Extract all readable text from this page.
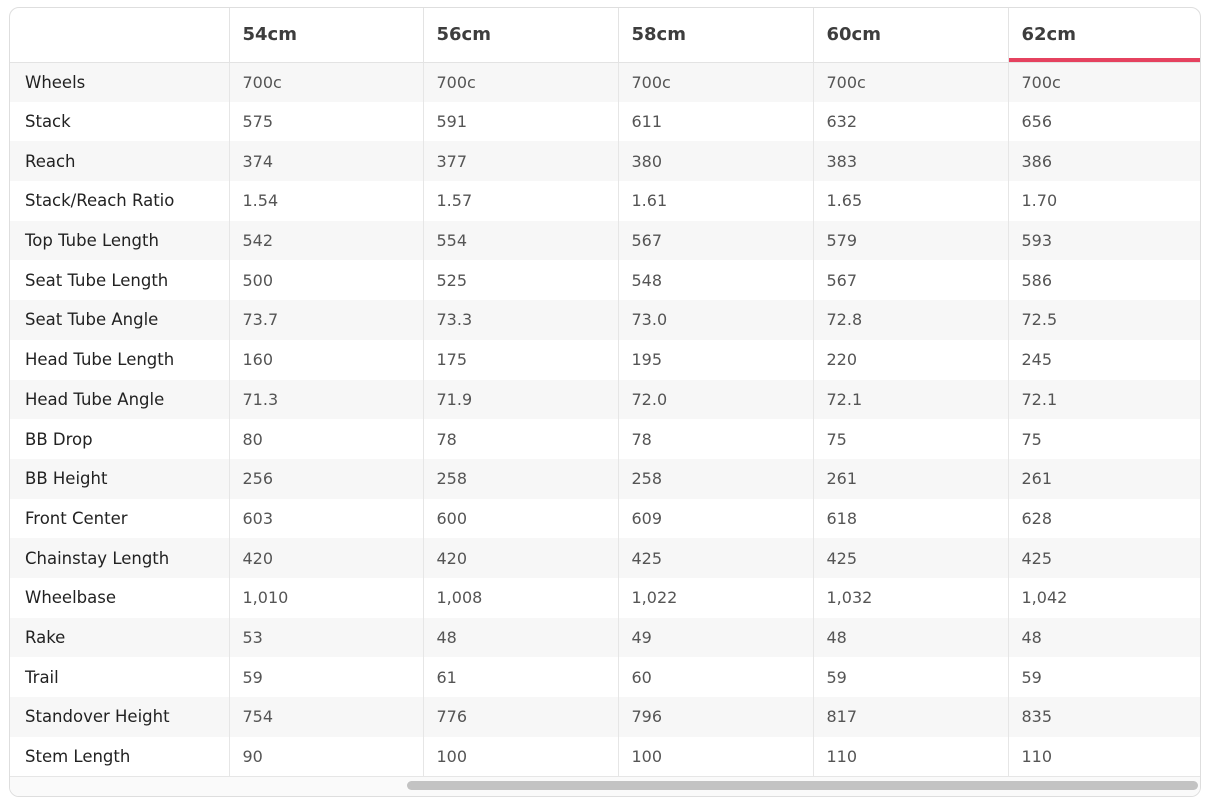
	54cm	56cm	58cm	60cm	62cm
Wheels	700c	700c	700c	700c	700c
Stack	575	591	611	632	656
Reach	374	377	380	383	386
Stack/Reach Ratio	1.54	1.57	1.61	1.65	1.70
Top Tube Length	542	554	567	579	593
Seat Tube Length	500	525	548	567	586
Seat Tube Angle	73.7	73.3	73.0	72.8	72.5
Head Tube Length	160	175	195	220	245
Head Tube Angle	71.3	71.9	72.0	72.1	72.1
BB Drop	80	78	78	75	75
BB Height	256	258	258	261	261
Front Center	603	600	609	618	628
Chainstay Length	420	420	425	425	425
Wheelbase	1,010	1,008	1,022	1,032	1,042
Rake	53	48	49	48	48
Trail	59	61	60	59	59
Standover Height	754	776	796	817	835
Stem Length	90	100	100	110	110
